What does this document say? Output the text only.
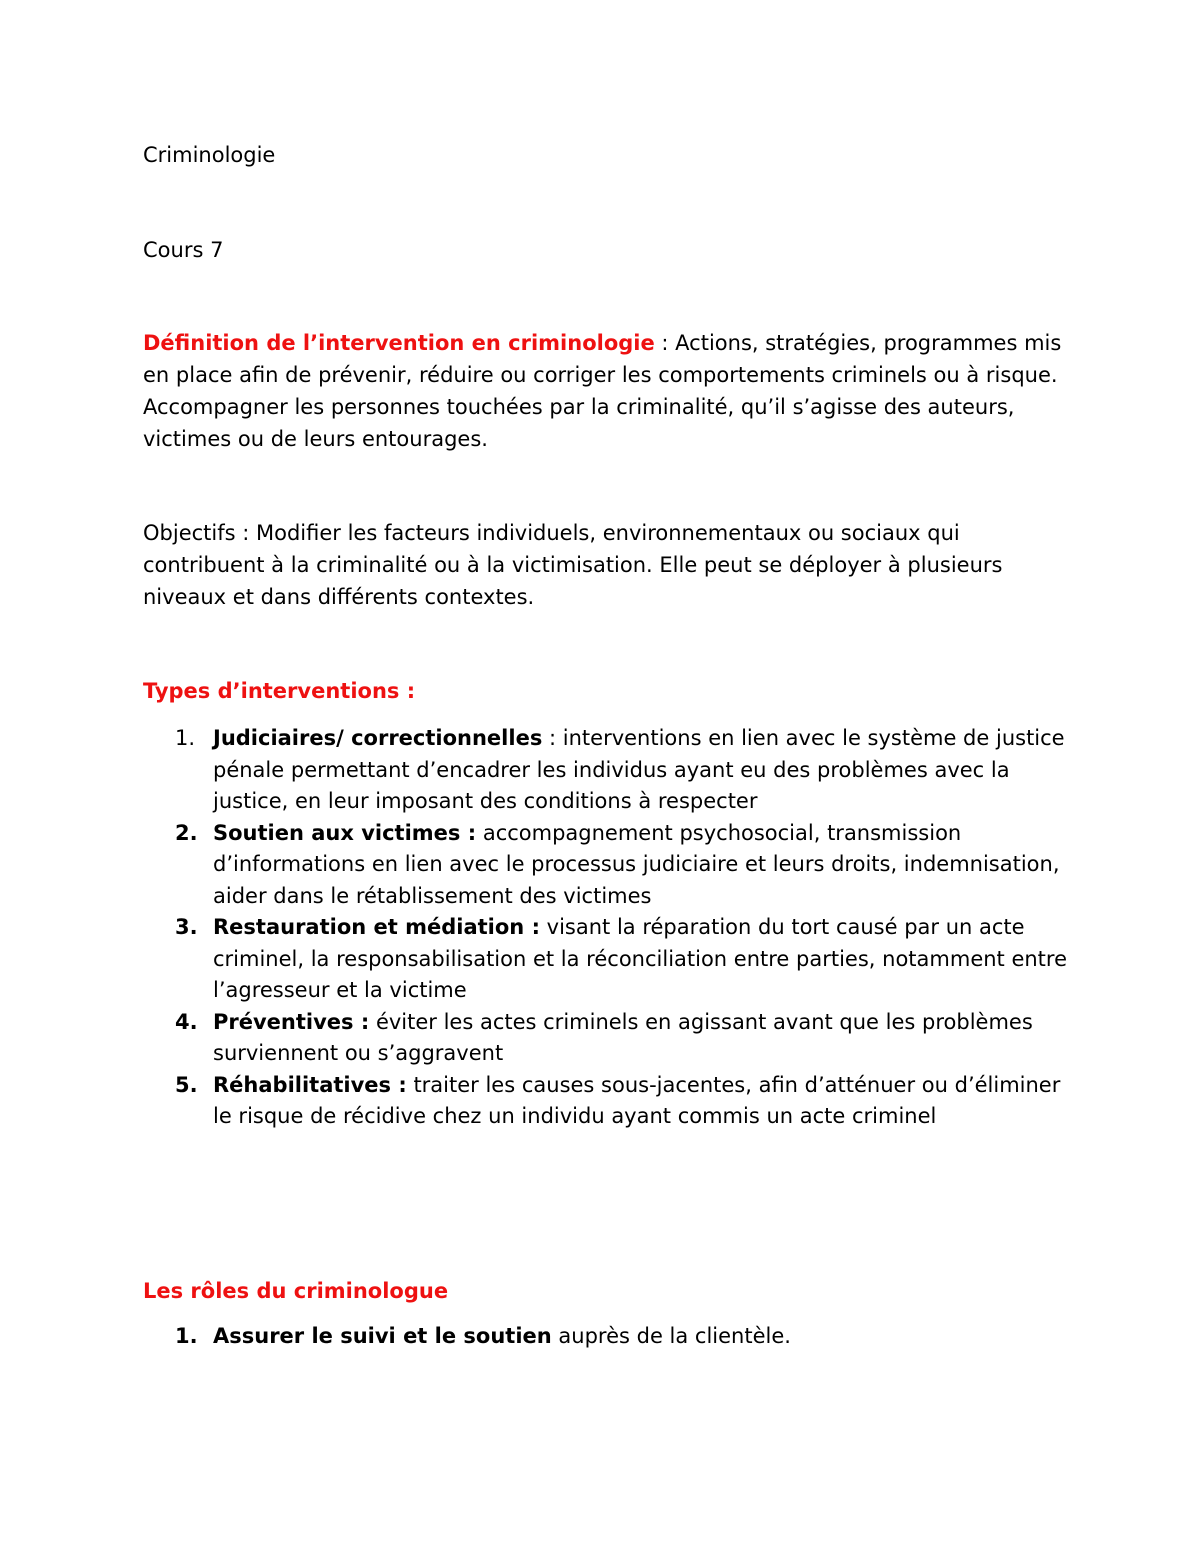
Criminologie
Cours 7
Définition de l’intervention en criminologie : Actions, stratégies, programmes mis en place afin de prévenir, réduire ou corriger les comportements criminels ou à risque. Accompagner les personnes touchées par la criminalité, qu’il s’agisse des auteurs, victimes ou de leurs entourages.
Objectifs : Modifier les facteurs individuels, environnementaux ou sociaux qui contribuent à la criminalité ou à la victimisation. Elle peut se déployer à plusieurs niveaux et dans différents contextes.
Types d’interventions :
1. Judiciaires/ correctionnelles : interventions en lien avec le système de justice pénale permettant d’encadrer les individus ayant eu des problèmes avec la justice, en leur imposant des conditions à respecter
2. Soutien aux victimes : accompagnement psychosocial, transmission d’informations en lien avec le processus judiciaire et leurs droits, indemnisation, aider dans le rétablissement des victimes
3. Restauration et médiation : visant la réparation du tort causé par un acte criminel, la responsabilisation et la réconciliation entre parties, notamment entre l’agresseur et la victime
4. Préventives : éviter les actes criminels en agissant avant que les problèmes surviennent ou s’aggravent
5. Réhabilitatives : traiter les causes sous-jacentes, afin d’atténuer ou d’éliminer le risque de récidive chez un individu ayant commis un acte criminel
Les rôles du criminologue
1. Assurer le suivi et le soutien auprès de la clientèle.
